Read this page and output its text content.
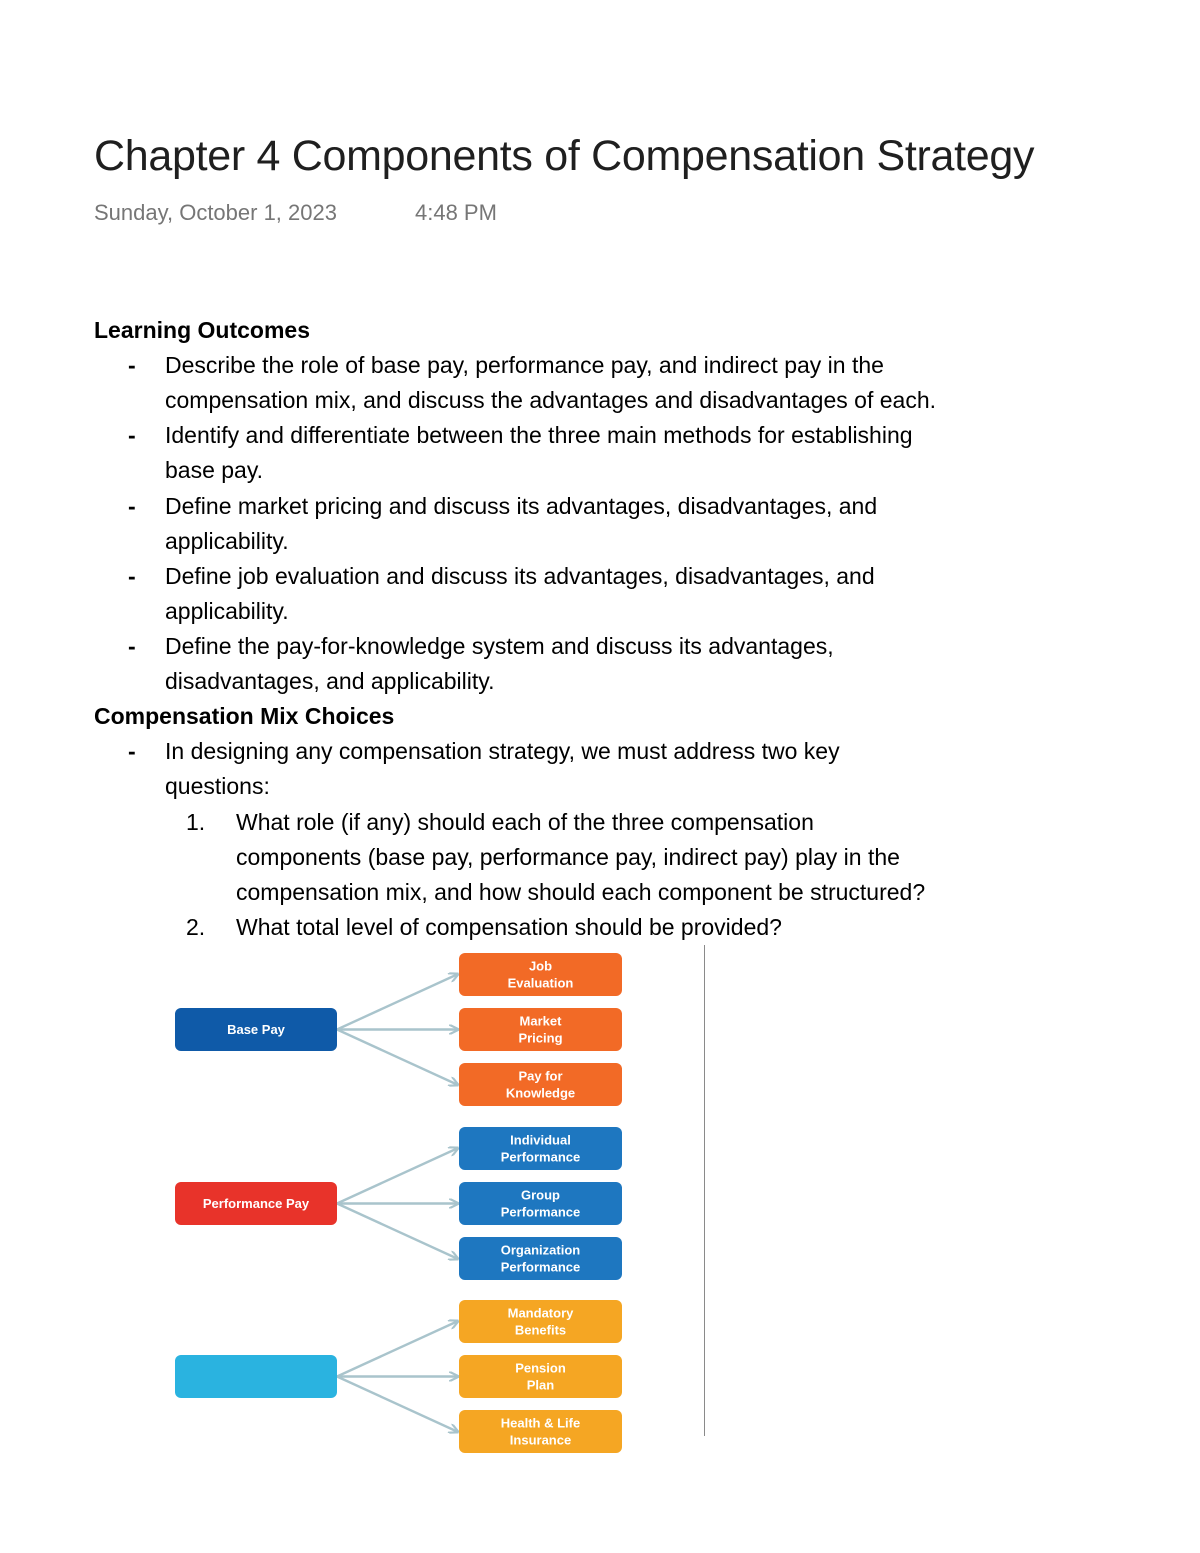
Chapter 4 Components of Compensation Strategy
Sunday, October 1, 2023	4:48 PM
Learning Outcomes
- Describe the role of base pay, performance pay, and indirect pay in the
compensation mix, and discuss the advantages and disadvantages of each.
- Identify and differentiate between the three main methods for establishing
base pay.
- Define market pricing and discuss its advantages, disadvantages, and
applicability.
- Define job evaluation and discuss its advantages, disadvantages, and
applicability.
- Define the pay-for-knowledge system and discuss its advantages,
disadvantages, and applicability.
Compensation Mix Choices
- In designing any compensation strategy, we must address two key
questions:
1. What role (if any) should each of the three compensation
components (base pay, performance pay, indirect pay) play in the
compensation mix, and how should each component be structured?
2. What total level of compensation should be provided?
Base Pay
Job Evaluation
Market Pricing
Pay for Knowledge
Performance Pay
Individual Performance
Group Performance
Organization Performance
Mandatory Benefits
Pension Plan
Health & Life Insurance
